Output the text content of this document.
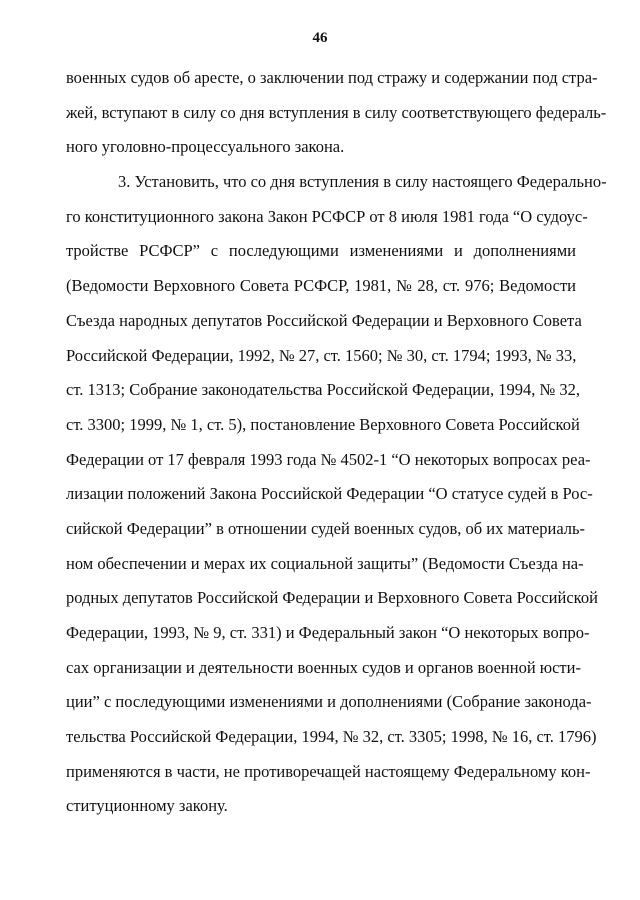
46
военных судов об аресте, о заключении под стражу и содержании под стра-
жей, вступают в силу со дня вступления в силу соответствующего федераль-
ного уголовно-процессуального закона.
3. Установить, что со дня вступления в силу настоящего Федерально-
го конституционного закона Закон РСФСР от 8 июля 1981 года “О судоус-
тройстве РСФСР” с последующими изменениями и дополнениями
(Ведомости Верховного Совета РСФСР, 1981, № 28, ст. 976; Ведомости
Съезда народных депутатов Российской Федерации и Верховного Совета
Российской Федерации, 1992, № 27, ст. 1560; № 30, ст. 1794; 1993, № 33,
ст. 1313; Собрание законодательства Российской Федерации, 1994, № 32,
ст. 3300; 1999, № 1, ст. 5), постановление Верховного Совета Российской
Федерации от 17 февраля 1993 года № 4502-1 “О некоторых вопросах реа-
лизации положений Закона Российской Федерации “О статусе судей в Рос-
сийской Федерации” в отношении судей военных судов, об их материаль-
ном обеспечении и мерах их социальной защиты” (Ведомости Съезда на-
родных депутатов Российской Федерации и Верховного Совета Российской
Федерации, 1993, № 9, ст. 331) и Федеральный закон “О некоторых вопро-
сах организации и деятельности военных судов и органов военной юсти-
ции” с последующими изменениями и дополнениями (Собрание законода-
тельства Российской Федерации, 1994, № 32, ст. 3305; 1998, № 16, ст. 1796)
применяются в части, не противоречащей настоящему Федеральному кон-
ституционному закону.
